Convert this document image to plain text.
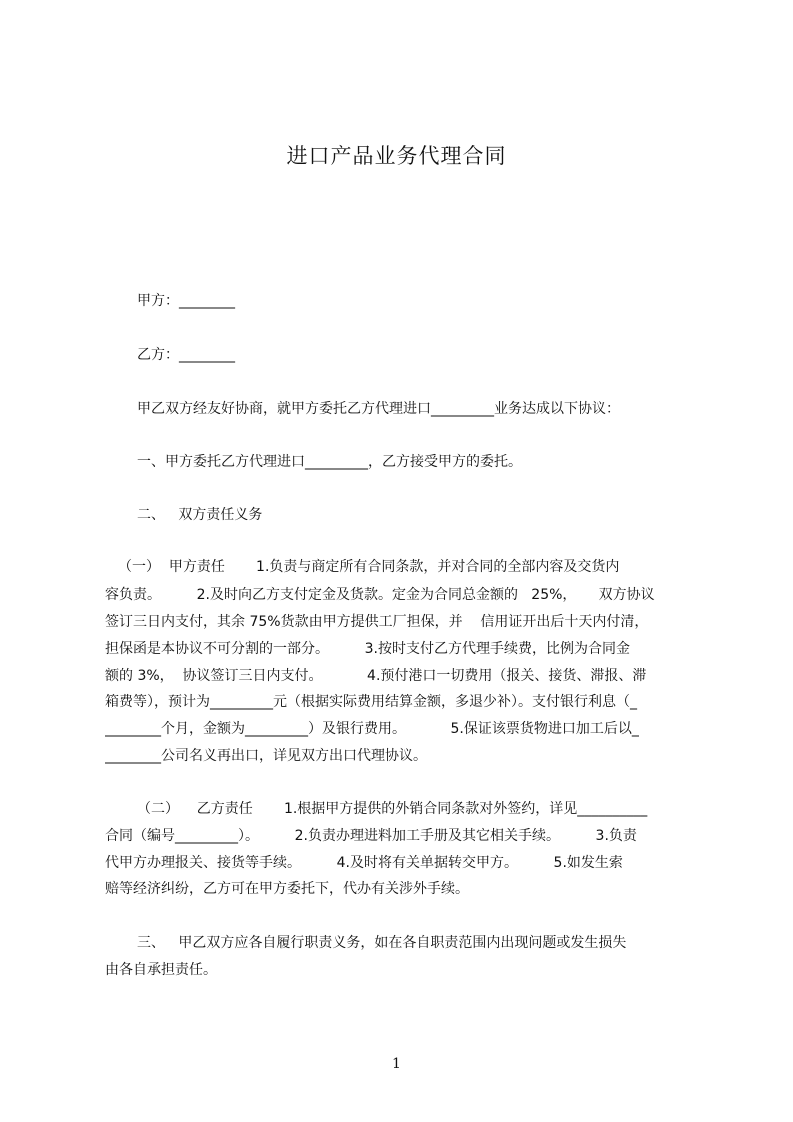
进口产品业务代理合同
甲方：________
乙方：________
甲乙双方经友好协商，就甲方委托乙方代理进口_________业务达成以下协议：
一、甲方委托乙方代理进口_________，乙方接受甲方的委托。
二、   双方责任义务
（一）  甲方责任       1.负责与商定所有合同条款，并对合同的全部内容及交货内
容负责。        2.及时向乙方支付定金及货款。定金为合同总金额的   25%，     双方协议
签订三日内支付，其余 75%货款由甲方提供工厂担保，并    信用证开出后十天内付清，
担保函是本协议不可分割的一部分。        3.按时支付乙方代理手续费，比例为合同金
额的 3%，  协议签订三日内支付。          4.预付港口一切费用（报关、接货、滞报、滞
箱费等），预计为_________元（根据实际费用结算金额，多退少补）。支付银行利息（_
________个月，金额为_________）及银行费用。          5.保证该票货物进口加工后以_
________公司名义再出口，详见双方出口代理协议。
（二）    乙方责任       1.根据甲方提供的外销合同条款对外签约，详见__________
合同（编号_________）。        2.负责办理进料加工手册及其它相关手续。        3.负责
代甲方办理报关、接货等手续。        4.及时将有关单据转交甲方。        5.如发生索
赔等经济纠纷，乙方可在甲方委托下，代办有关涉外手续。
三、   甲乙双方应各自履行职责义务，如在各自职责范围内出现问题或发生损失
由各自承担责任。
1
